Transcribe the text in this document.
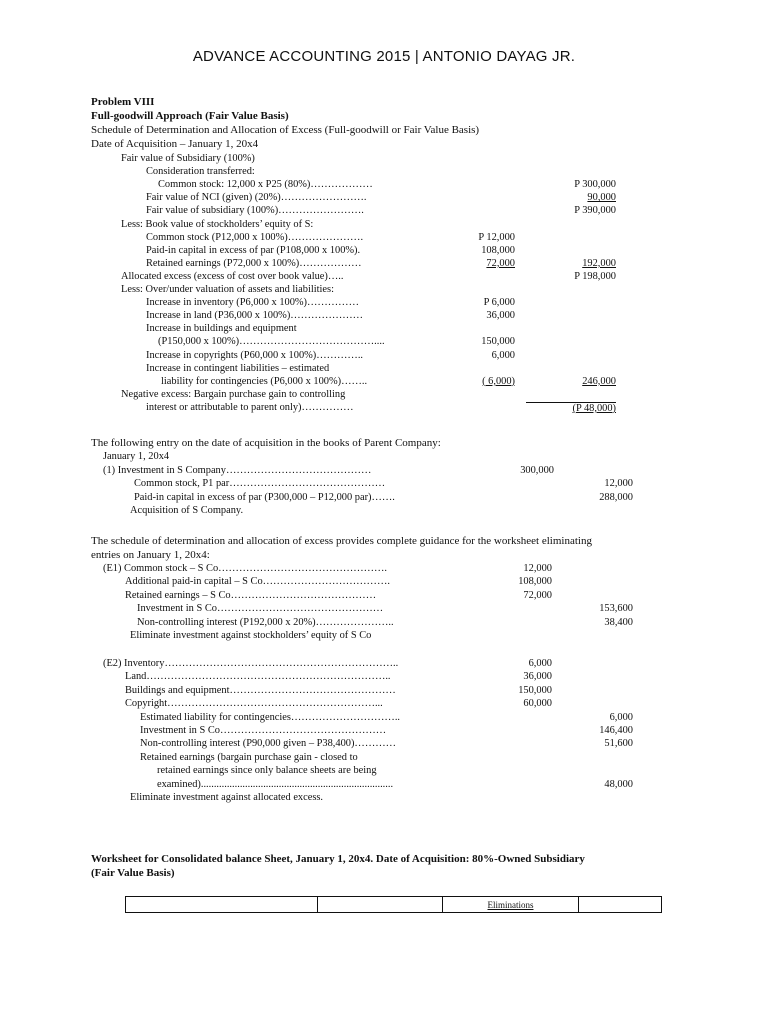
ADVANCE ACCOUNTING 2015 | ANTONIO DAYAG JR.
Problem VIII
Full-goodwill Approach (Fair Value Basis)
Schedule of Determination and Allocation of Excess (Full-goodwill or Fair Value Basis)
Date of Acquisition – January 1, 20x4
Fair value of Subsidiary (100%)
Consideration transferred:
Common stock: 12,000 x P25 (80%)………………	P 300,000
Fair value of NCI (given) (20%)…………………….	90,000
Fair value of subsidiary (100%)…………………….	P 390,000
Less: Book value of stockholders’ equity of S:
Common stock (P12,000 x 100%)………………….	P 12,000
Paid-in capital in excess of par (P108,000 x 100%).	108,000
Retained earnings (P72,000 x 100%)………………	72,000	192,000
Allocated excess (excess of cost over book value)…..	P 198,000
Less: Over/under valuation of assets and liabilities:
Increase in inventory (P6,000 x 100%)……………	P 6,000
Increase in land (P36,000 x 100%)…………………	36,000
Increase in buildings and equipment
(P150,000 x 100%)…………………………………....	150,000
Increase in copyrights (P60,000 x 100%)…………..	6,000
Increase in contingent liabilities – estimated
liability for contingencies (P6,000 x 100%)……..	( 6,000)	246,000
Negative excess: Bargain purchase gain to controlling
interest or attributable to parent only)……………	(P 48,000)
The following entry on the date of acquisition in the books of Parent Company:
January 1, 20x4
(1) Investment in S Company……………………………………	300,000
Common stock, P1 par………………………………………	12,000
Paid-in capital in excess of par (P300,000 – P12,000 par)…….	288,000
Acquisition of S Company.
The schedule of determination and allocation of excess provides complete guidance for the worksheet eliminating
entries on January 1, 20x4:
(E1) Common stock – S Co………………………………………….	12,000
Additional paid-in capital – S Co……………………………….	108,000
Retained earnings – S Co……………………………………	72,000
Investment in S Co…………………………………………	153,600
Non-controlling interest (P192,000 x 20%)…………………..	38,400
Eliminate investment against stockholders’ equity of S Co
(E2) Inventory…………………………………………………………..	6,000
Land……………………………………………………………..	36,000
Buildings and equipment…………………………………………	150,000
Copyright……………………………………………………...	60,000
Estimated liability for contingencies…………………………..	6,000
Investment in S Co…………………………………………	146,400
Non-controlling interest (P90,000 given – P38,400)…………	51,600
Retained earnings (bargain purchase gain - closed to
retained earnings since only balance sheets are being
examined)..........................................................................	48,000
Eliminate investment against allocated excess.
Worksheet for Consolidated balance Sheet, January 1, 20x4. Date of Acquisition: 80%-Owned Subsidiary
(Fair Value Basis)
Eliminations
